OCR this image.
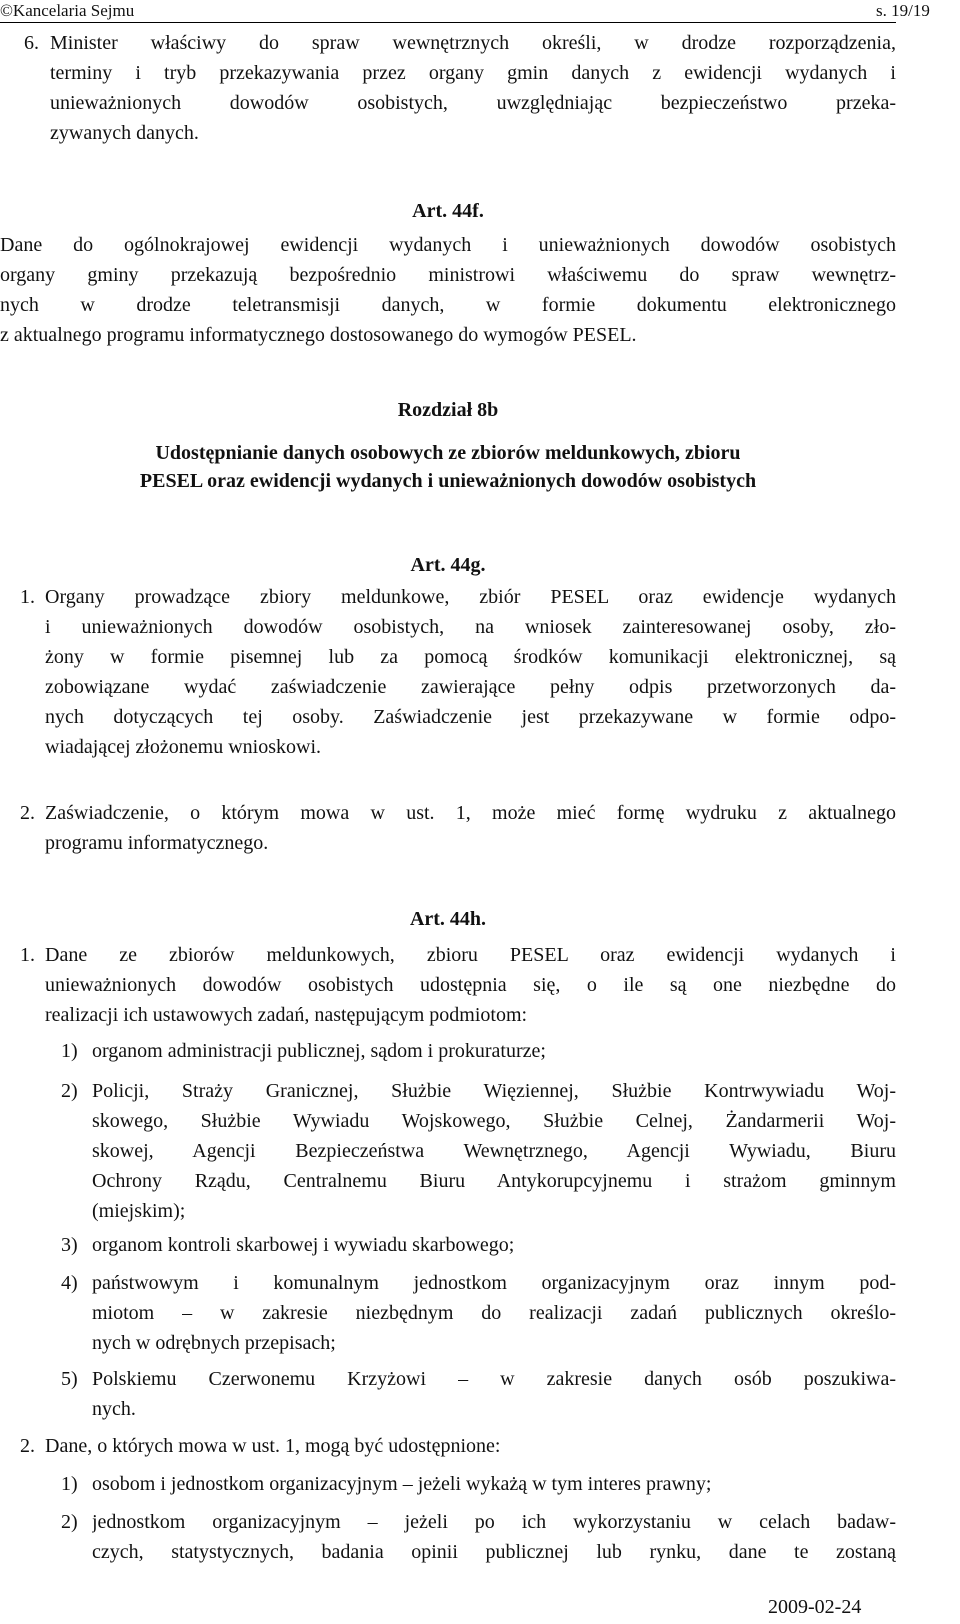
©Kancelaria Sejmu	s. 19/19
6. Minister właściwy do spraw wewnętrznych określi, w drodze rozporządzenia,
terminy i tryb przekazywania przez organy gmin danych z ewidencji wydanych i
unieważnionych dowodów osobistych, uwzględniając bezpieczeństwo przeka-
zywanych danych.
Art. 44f.
Dane do ogólnokrajowej ewidencji wydanych i unieważnionych dowodów osobistych
organy gminy przekazują bezpośrednio ministrowi właściwemu do spraw wewnętrz-
nych w drodze teletransmisji danych, w formie dokumentu elektronicznego
z aktualnego programu informatycznego dostosowanego do wymogów PESEL.
Rozdział 8b
Udostępnianie danych osobowych ze zbiorów meldunkowych, zbioru
PESEL oraz ewidencji wydanych i unieważnionych dowodów osobistych
Art. 44g.
1. Organy prowadzące zbiory meldunkowe, zbiór PESEL oraz ewidencje wydanych
i unieważnionych dowodów osobistych, na wniosek zainteresowanej osoby, zło-
żony w formie pisemnej lub za pomocą środków komunikacji elektronicznej, są
zobowiązane wydać zaświadczenie zawierające pełny odpis przetworzonych da-
nych dotyczących tej osoby. Zaświadczenie jest przekazywane w formie odpo-
wiadającej złożonemu wnioskowi.
2. Zaświadczenie, o którym mowa w ust. 1, może mieć formę wydruku z aktualnego
programu informatycznego.
Art. 44h.
1. Dane ze zbiorów meldunkowych, zbioru PESEL oraz ewidencji wydanych i
unieważnionych dowodów osobistych udostępnia się, o ile są one niezbędne do
realizacji ich ustawowych zadań, następującym podmiotom:
1) organom administracji publicznej, sądom i prokuraturze;
2) Policji, Straży Granicznej, Służbie Więziennej, Służbie Kontrwywiadu Woj-
skowego, Służbie Wywiadu Wojskowego, Służbie Celnej, Żandarmerii Woj-
skowej, Agencji Bezpieczeństwa Wewnętrznego, Agencji Wywiadu, Biuru
Ochrony Rządu, Centralnemu Biuru Antykorupcyjnemu i strażom gminnym
(miejskim);
3) organom kontroli skarbowej i wywiadu skarbowego;
4) państwowym i komunalnym jednostkom organizacyjnym oraz innym pod-
miotom – w zakresie niezbędnym do realizacji zadań publicznych określo-
nych w odrębnych przepisach;
5) Polskiemu Czerwonemu Krzyżowi – w zakresie danych osób poszukiwa-
nych.
2. Dane, o których mowa w ust. 1, mogą być udostępnione:
1) osobom i jednostkom organizacyjnym – jeżeli wykażą w tym interes prawny;
2) jednostkom organizacyjnym – jeżeli po ich wykorzystaniu w celach badaw-
czych, statystycznych, badania opinii publicznej lub rynku, dane te zostaną
2009-02-24
